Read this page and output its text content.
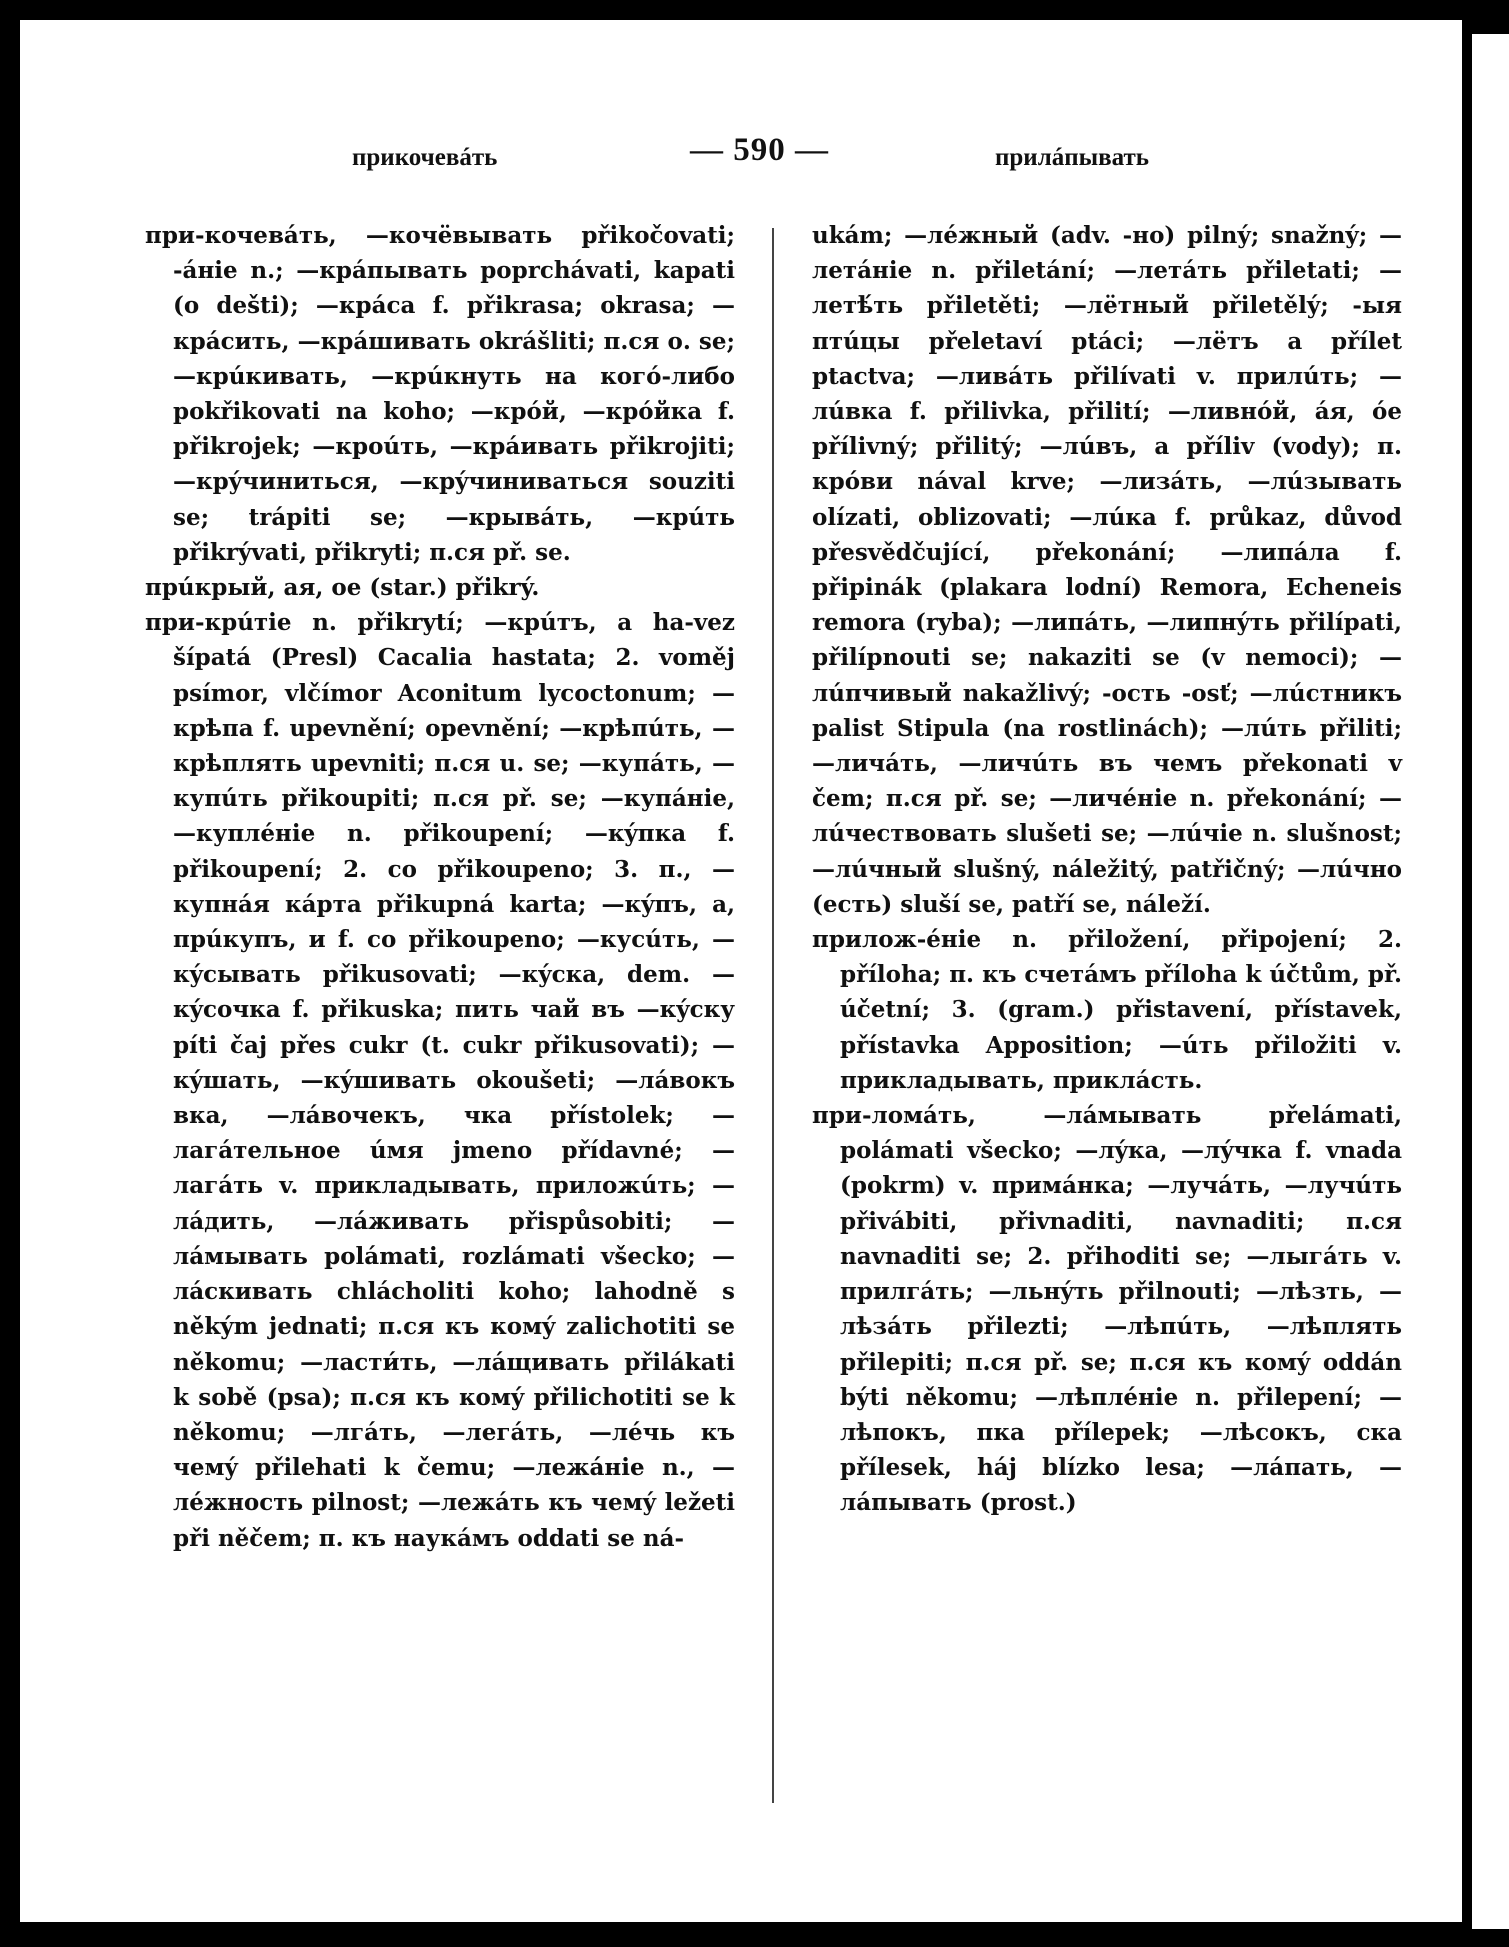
прикочевáть	— 590 —	прилáпывать

при-кочевáть, —кочёвывать přikočovati; -áнie n.; —крáпывать poprchávati, kapati (o dešti); —крáса f. přikrasa; okrasa; —крáсить, —крáшивать okrášliti; п.ся о. se; —крúкивать, —крúкнуть на когó-либо pokřikovati na koho; —крóй, —крóйка f. přikrojek; —кроúть, —крáивать přikrojiti; —крýчиниться, —крýчиниваться souziti se; trápiti se; —крывáть, —крúть přikrývati, přikryti; п.ся př. se.

прúкрый, ая, ое (star.) přikrý.

при-крúтie n. přikrytí; —крúтъ, a ha-vez šípatá (Presl) Cacalia hastata; 2. voměj psímor, vlčímor Aconitum lycoctonum; —крѣпа f. upevnění; opevnění; —крѣпúть, —крѣплять upevniti; п.ся u. se; —купáть, —купúть přikoupiti; п.ся př. se; —купáнie, —куплéнie n. přikoupení; —кýпка f. přikoupení; 2. co přikoupeno; 3. п., —купнáя кáрта přikupná karta; —кýпъ, а, прúкупъ, и f. co přikoupeno; —кусúть, —кýсывать přikusovati; —кýска, dem. —кýсочка f. přikuska; пить чай въ —кýску píti čaj přes cukr (t. cukr přikusovati); —кýшать, —кýшивать okoušeti; —лáвокъ вка, —лáвочекъ, чка přístolek; —лагáтельное úмя jmeno přídavné; —лагáть v. прикладывать, приложúть; —лáдить, —лáживать přispůsobiti; —лáмывать polámati, rozlámati všecko; —лáскивать chlácholiti koho; lahodně s někým jednati; п.ся къ комý zalichotiti se někomu; —ласти́ть, —лáщивать přilákati k sobě (psa); п.ся къ комý přilichotiti se k někomu; —лгáть, —легáть, —лéчь къ чемý přilehati k čemu; —лежáнie n., —лéжность pilnost; —лежáть къ чемý ležeti při něčem; п. къ наукáмъ oddati se ná-

ukám; —лéжный (adv. -но) pilný; snažný; —летáнie n. přiletání; —летáть přiletati; —летѣ́ть přiletěti; —лётный přiletělý; -ыя птúцы přeletaví ptáci; —лётъ a přílet ptactva; —ливáть přilívati v. прилúть; —лúвка f. přilivka, přilití; —ливнóй, áя, óe přílivný; přilitý; —лúвъ, a příliv (vody); п. крóви nával krve; —лизáть, —лúзывать olízati, oblizovati; —лúка f. průkaz, důvod přesvědčující, překonání; —липáла f. připinák (plakara lodní) Remora, Echeneis remora (ryba); —липáть, —липнýть přilípati, přilípnouti se; nakaziti se (v nemoci); —лúпчивый nakažlivý; -ость -osť; —лúстникъ palist Stipula (na rostlinách); —лúть přiliti; —личáть, —личúть въ чемъ překonati v čem; п.ся př. se; —личéнie n. překonání; —лúчествовать slušeti se; —лúчie n. slušnost; —лúчный slušný, náležitý, patřičný; —лúчно (есть) sluší se, patří se, náleží.

прилож-éнie n. přiložení, připojení; 2. příloha; п. къ счетáмъ příloha k účtům, př. účetní; 3. (gram.) přistavení, přístavek, přístavka Apposition; —úть přiložiti v. прикладывать, приклáсть.

при-ломáть, —лáмывать přelámati, polámati všecko; —лýка, —лýчка f. vnada (pokrm) v. примáнка; —лучáть, —лучúть přivábiti, přivnaditi, navnaditi; п.ся navnaditi se; 2. přihoditi se; —лыгáть v. прилгáть; —льнýть přilnouti; —лѣзть, —лѣзáть přilezti; —лѣпúть, —лѣплять přilepiti; п.ся př. se; п.ся къ комý oddán býti někomu; —лѣплéнie n. přilepení; —лѣпокъ, пка přílepek; —лѣсокъ, ска přílesek, háj blízko lesa; —лáпать, —лáпывать (prost.)
